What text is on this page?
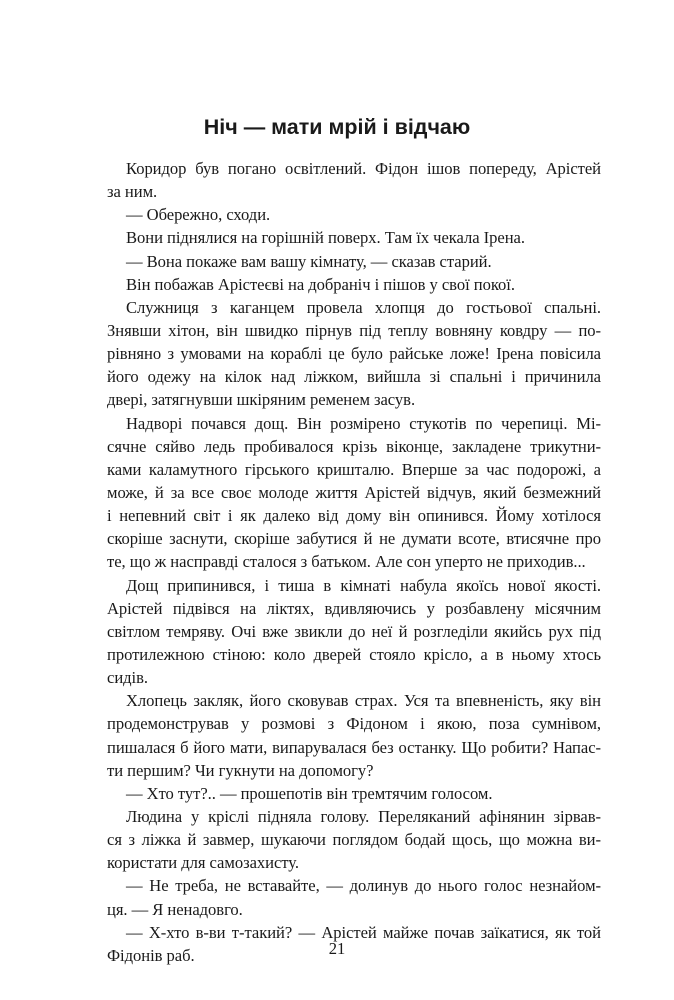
Ніч — мати мрій і відчаю
Коридор був погано освітлений. Фідон ішов попереду, Арістей
за ним.
— Обережно, сходи.
Вони піднялися на горішній поверх. Там їх чекала Ірена.
— Вона покаже вам вашу кімнату, — сказав старий.
Він побажав Арістеєві на добраніч і пішов у свої покої.
Служниця з каганцем провела хлопця до гостьової спальні.
Знявши хітон, він швидко пірнув під теплу вовняну ковдру — по-
рівняно з умовами на кораблі це було райське ложе! Ірена повісила
його одежу на кілок над ліжком, вийшла зі спальні і причинила
двері, затягнувши шкіряним ременем засув.
Надворі почався дощ. Він розмірено стукотів по черепиці. Мі-
сячне сяйво ледь пробивалося крізь віконце, закладене трикутни-
ками каламутного гірського кришталю. Вперше за час подорожі, а
може, й за все своє молоде життя Арістей відчув, який безмежний
і непевний світ і як далеко від дому він опинився. Йому хотілося
скоріше заснути, скоріше забутися й не думати всоте, втисячне про
те, що ж насправді сталося з батьком. Але сон уперто не приходив...
Дощ припинився, і тиша в кімнаті набула якоїсь нової якості.
Арістей підвівся на ліктях, вдивляючись у розбавлену місячним
світлом темряву. Очі вже звикли до неї й розгледіли якийсь рух під
протилежною стіною: коло дверей стояло крісло, а в ньому хтось
сидів.
Хлопець закляк, його сковував страх. Уся та впевненість, яку він
продемонстрував у розмові з Фідоном і якою, поза сумнівом,
пишалася б його мати, випарувалася без останку. Що робити? Напас-
ти першим? Чи гукнути на допомогу?
— Хто тут?.. — прошепотів він тремтячим голосом.
Людина у кріслі підняла голову. Переляканий афінянин зірвав-
ся з ліжка й завмер, шукаючи поглядом бодай щось, що можна ви-
користати для самозахисту.
— Не треба, не вставайте, — долинув до нього голос незнайом-
ця. — Я ненадовго.
— Х-хто в-ви т-такий? — Арістей майже почав заїкатися, як той
Фідонів раб.	21
